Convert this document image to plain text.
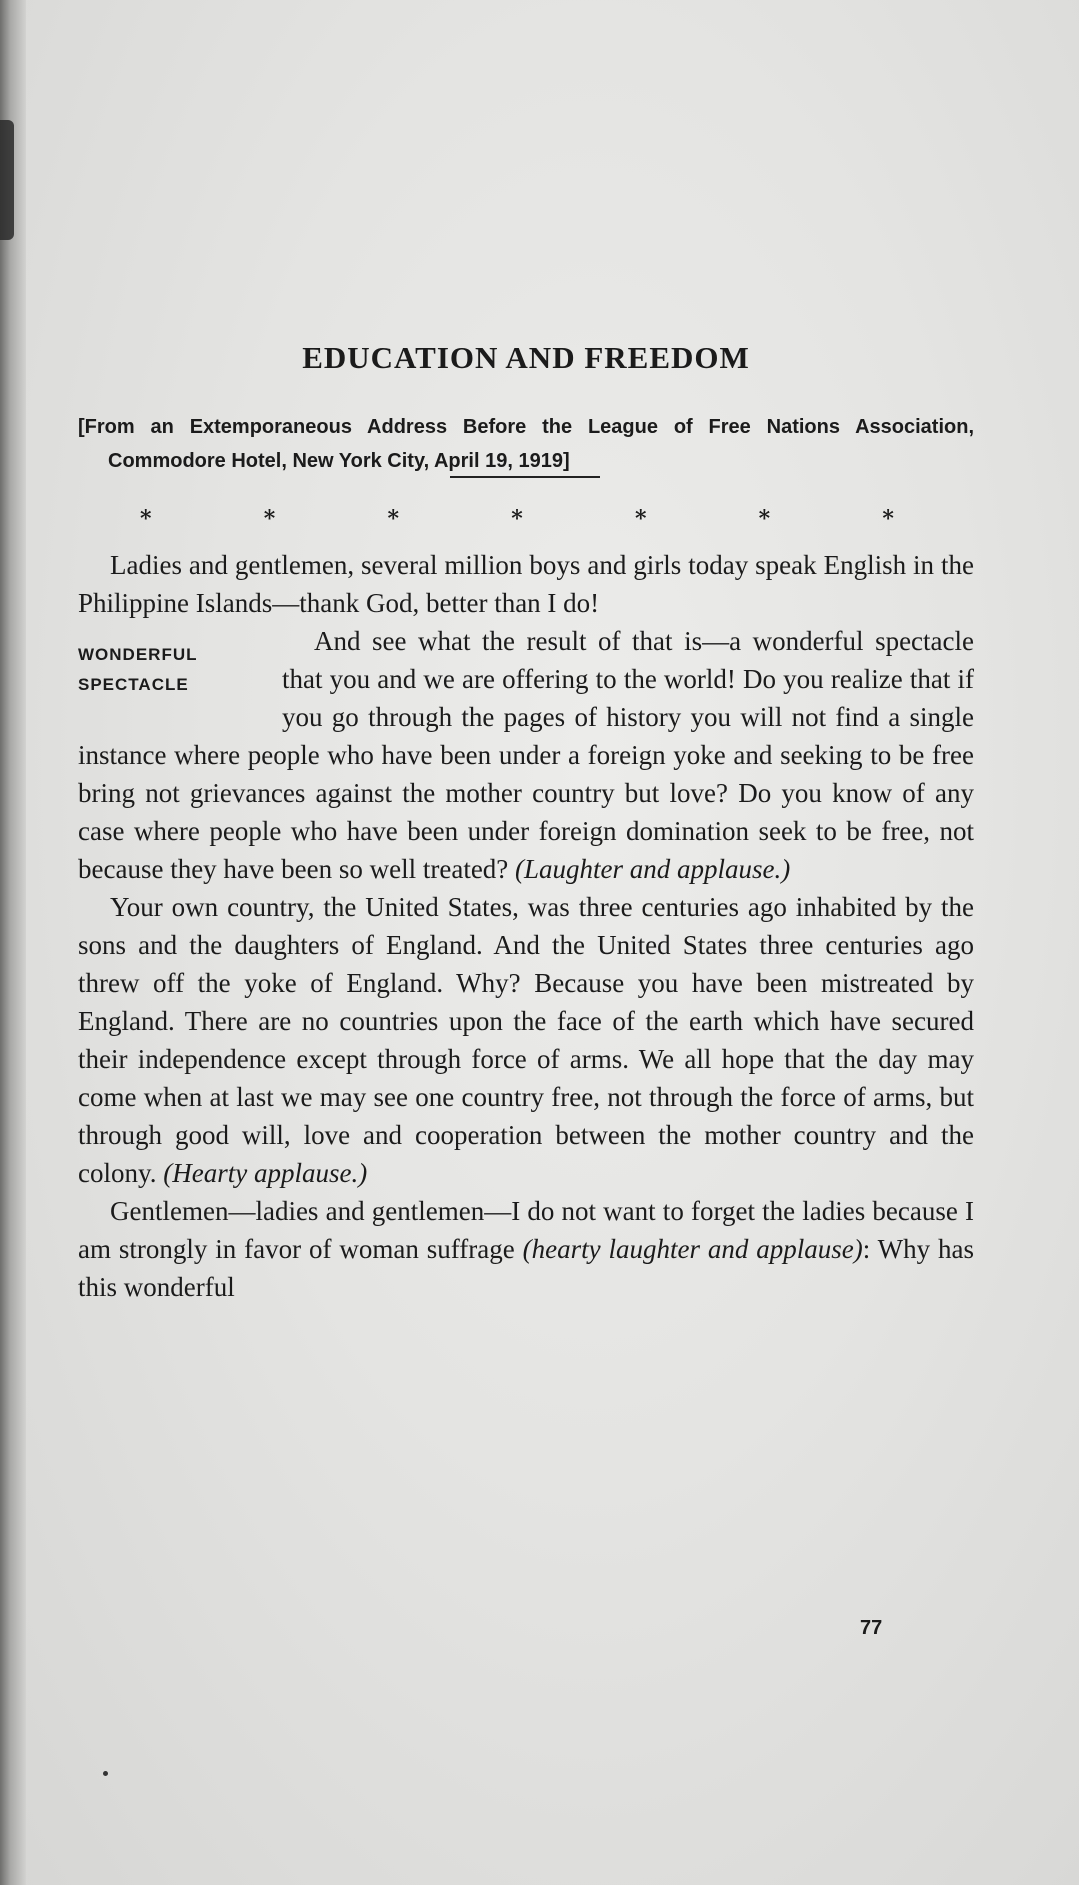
EDUCATION AND FREEDOM

[From an Extemporaneous Address Before the League of Free Nations Association, Commodore Hotel, New York City, April 19, 1919]

*	*	*	*	*	*	*

Ladies and gentlemen, several million boys and girls today speak English in the Philippine Islands—thank God, better than I do!

WONDERFUL
SPECTACLE
And see what the result of that is—a wonderful spectacle that you and we are offering to the world! Do you realize that if you go through the pages of history you will not find a single instance where people who have been under a foreign yoke and seeking to be free bring not grievances against the mother country but love? Do you know of any case where people who have been under foreign domination seek to be free, not because they have been so well treated? (Laughter and applause.)

Your own country, the United States, was three centuries ago inhabited by the sons and the daughters of England. And the United States three centuries ago threw off the yoke of England. Why? Because you have been mistreated by England. There are no countries upon the face of the earth which have secured their independence except through force of arms. We all hope that the day may come when at last we may see one country free, not through the force of arms, but through good will, love and cooperation between the mother country and the colony. (Hearty applause.)

Gentlemen—ladies and gentlemen—I do not want to forget the ladies because I am strongly in favor of woman suffrage (hearty laughter and applause): Why has this wonderful

77
